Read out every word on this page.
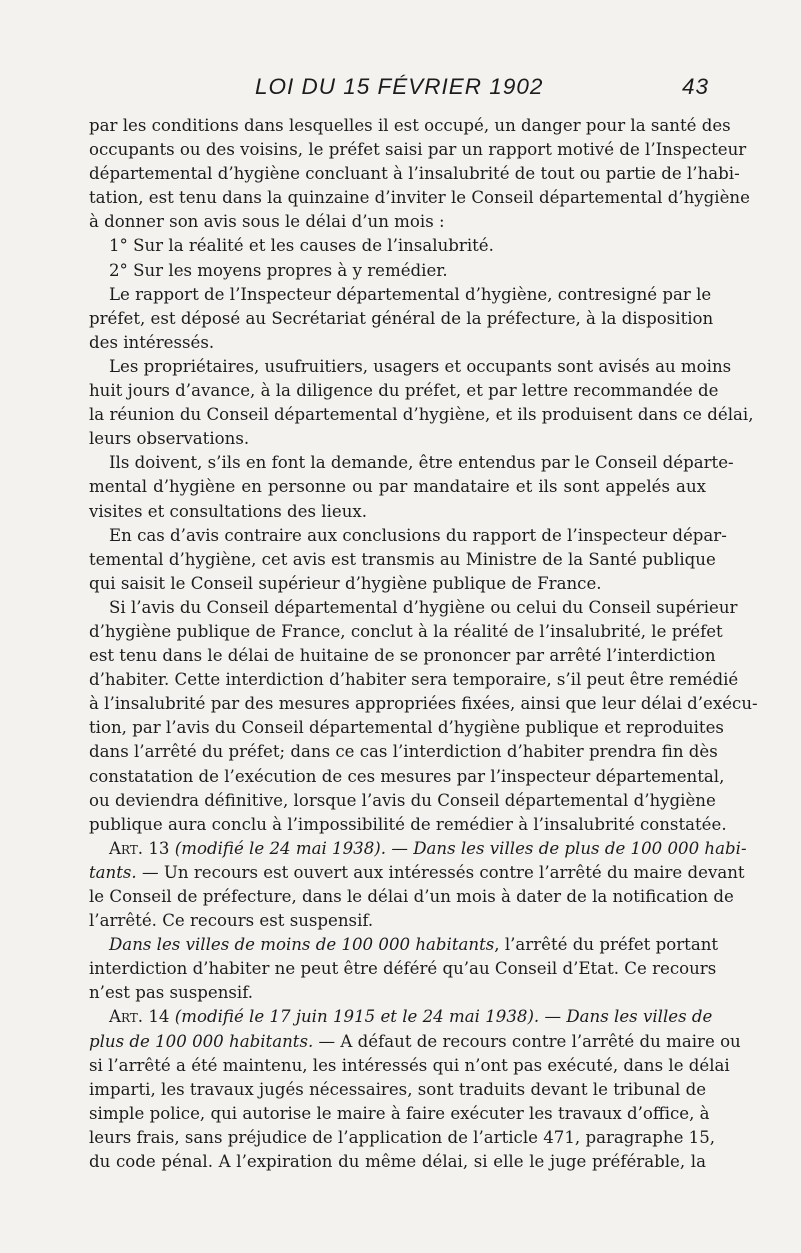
LOI DU 15 FÉVRIER 1902	43
par les conditions dans lesquelles il est occupé, un danger pour la santé des
occupants ou des voisins, le préfet saisi par un rapport motivé de l’Inspecteur
départemental d’hygiène concluant à l’insalubrité de tout ou partie de l’habi-
tation, est tenu dans la quinzaine d’inviter le Conseil départemental d’hygiène
à donner son avis sous le délai d’un mois :
1° Sur la réalité et les causes de l’insalubrité.
2° Sur les moyens propres à y remédier.
Le rapport de l’Inspecteur départemental d’hygiène, contresigné par le
préfet, est déposé au Secrétariat général de la préfecture, à la disposition
des intéressés.
Les propriétaires, usufruitiers, usagers et occupants sont avisés au moins
huit jours d’avance, à la diligence du préfet, et par lettre recommandée de
la réunion du Conseil départemental d’hygiène, et ils produisent dans ce délai,
leurs observations.
Ils doivent, s’ils en font la demande, être entendus par le Conseil départe-
mental d’hygiène en personne ou par mandataire et ils sont appelés aux
visites et consultations des lieux.
En cas d’avis contraire aux conclusions du rapport de l’inspecteur dépar-
temental d’hygiène, cet avis est transmis au Ministre de la Santé publique
qui saisit le Conseil supérieur d’hygiène publique de France.
Si l’avis du Conseil départemental d’hygiène ou celui du Conseil supérieur
d’hygiène publique de France, conclut à la réalité de l’insalubrité, le préfet
est tenu dans le délai de huitaine de se prononcer par arrêté l’interdiction
d’habiter. Cette interdiction d’habiter sera temporaire, s’il peut être remédié
à l’insalubrité par des mesures appropriées fixées, ainsi que leur délai d’exécu-
tion, par l’avis du Conseil départemental d’hygiène publique et reproduites
dans l’arrêté du préfet; dans ce cas l’interdiction d’habiter prendra fin dès
constatation de l’exécution de ces mesures par l’inspecteur départemental,
ou deviendra définitive, lorsque l’avis du Conseil départemental d’hygiène
publique aura conclu à l’impossibilité de remédier à l’insalubrité constatée.
Art. 13 (modifié le 24 mai 1938). — Dans les villes de plus de 100 000 habi-
tants. — Un recours est ouvert aux intéressés contre l’arrêté du maire devant
le Conseil de préfecture, dans le délai d’un mois à dater de la notification de
l’arrêté. Ce recours est suspensif.
Dans les villes de moins de 100 000 habitants, l’arrêté du préfet portant
interdiction d’habiter ne peut être déféré qu’au Conseil d’Etat. Ce recours
n’est pas suspensif.
Art. 14 (modifié le 17 juin 1915 et le 24 mai 1938). — Dans les villes de
plus de 100 000 habitants. — A défaut de recours contre l’arrêté du maire ou
si l’arrêté a été maintenu, les intéressés qui n’ont pas exécuté, dans le délai
imparti, les travaux jugés nécessaires, sont traduits devant le tribunal de
simple police, qui autorise le maire à faire exécuter les travaux d’office, à
leurs frais, sans préjudice de l’application de l’article 471, paragraphe 15,
du code pénal. A l’expiration du même délai, si elle le juge préférable, la
